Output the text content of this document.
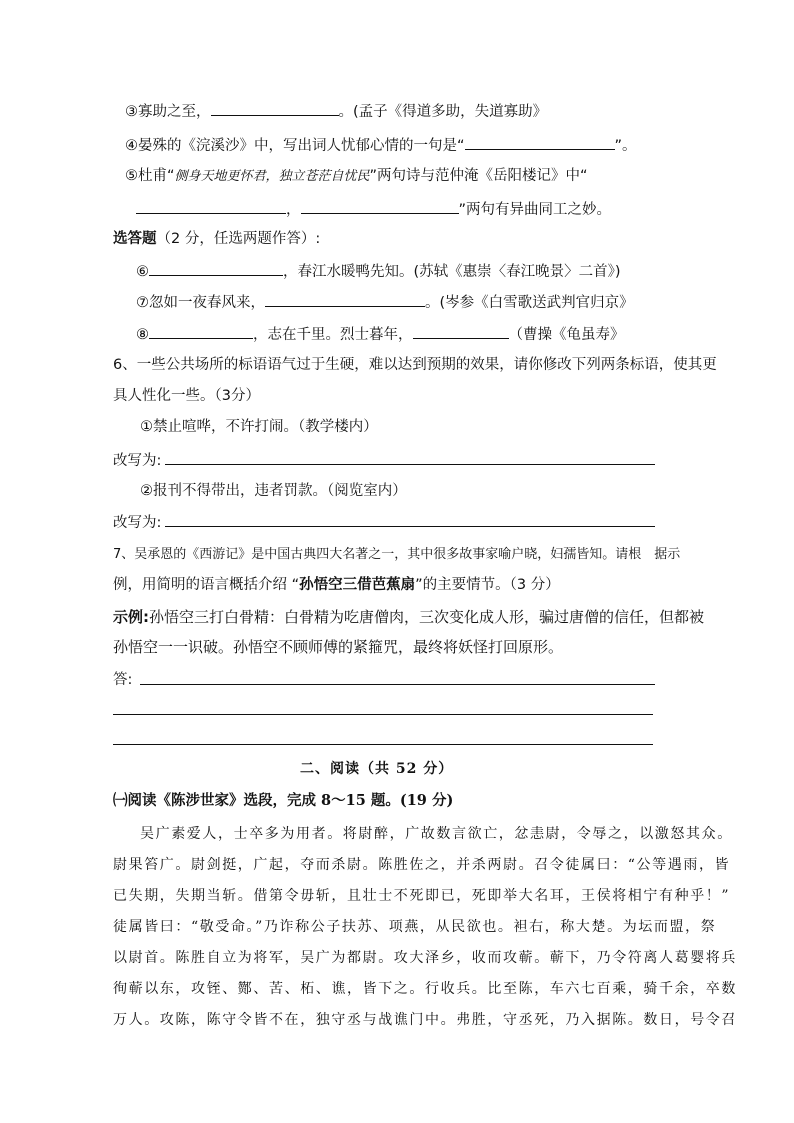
③寡助之至，	。(孟子《得道多助，失道寡助》
④晏殊的《浣溪沙》中，写出词人忧郁心情的一句是“	”。
⑤杜甫“侧身天地更怀君，独立苍茫自忧民”两句诗与范仲淹《岳阳楼记》中“
，	”两句有异曲同工之妙。
选答题（2 分，任选两题作答）:
⑥	，春江水暖鸭先知。(苏轼《惠崇〈春江晚景〉二首》)
⑦忽如一夜春风来，	。(岑参《白雪歌送武判官归京》
⑧	，志在千里。烈士暮年，	（曹操《龟虽寿》
6、一些公共场所的标语语气过于生硬，难以达到预期的效果，请你修改下列两条标语，使其更
具人性化一些。（3分）
①禁止喧哗，不许打闹。（教学楼内）
改写为:
②报刊不得带出，违者罚款。（阅览室内）
改写为:
7、吴承恩的《西游记》是中国古典四大名著之一，其中很多故事家喻户晓，妇孺皆知。请根　据示
例，用简明的语言概括介绍 “孙悟空三借芭蕉扇”的主要情节。（3 分）
示例:孙悟空三打白骨精：白骨精为吃唐僧肉，三次变化成人形，骗过唐僧的信任，但都被
孙悟空一一识破。孙悟空不顾师傅的紧箍咒，最终将妖怪打回原形。
答:
二、阅读（共 52 分）
㈠阅读《陈涉世家》选段，完成 8～15 题。(19 分)
吴广素爱人，士卒多为用者。将尉醉，广故数言欲亡，忿恚尉，令辱之，以激怒其众。
尉果笞广。尉剑挺，广起，夺而杀尉。陈胜佐之，并杀两尉。召令徒属曰：“公等遇雨，皆
已失期，失期当斩。借第令毋斩，且壮士不死即已，死即举大名耳，王侯将相宁有种乎！”
徒属皆曰：“敬受命。”乃诈称公子扶苏、项燕，从民欲也。袒右，称大楚。为坛而盟，祭
以尉首。陈胜自立为将军，吴广为都尉。攻大泽乡，收而攻蕲。蕲下，乃令符离人葛婴将兵
徇蕲以东，攻铚、酂、苦、柘、谯，皆下之。行收兵。比至陈，车六七百乘，骑千余，卒数
万人。攻陈，陈守令皆不在，独守丞与战谯门中。弗胜，守丞死，乃入据陈。数日，号令召
